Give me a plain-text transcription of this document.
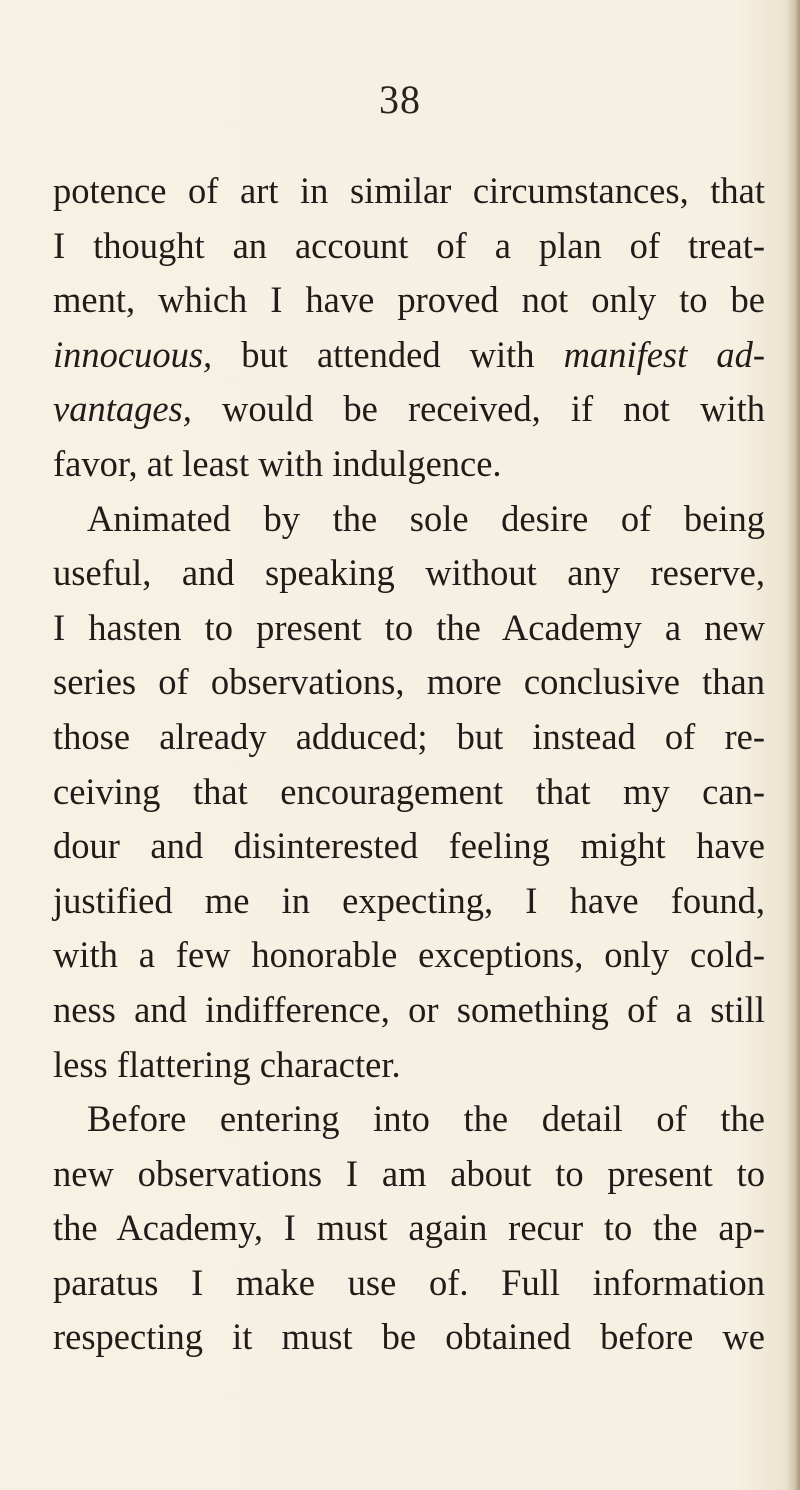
38
potence of art in similar circumstances, that
I thought an account of a plan of treat-
ment, which I have proved not only to be
innocuous, but attended with manifest ad-
vantages, would be received, if not with
favor, at least with indulgence.
Animated by the sole desire of being
useful, and speaking without any reserve,
I hasten to present to the Academy a new
series of observations, more conclusive than
those already adduced; but instead of re-
ceiving that encouragement that my can-
dour and disinterested feeling might have
justified me in expecting, I have found,
with a few honorable exceptions, only cold-
ness and indifference, or something of a still
less flattering character.
Before entering into the detail of the
new observations I am about to present to
the Academy, I must again recur to the ap-
paratus I make use of. Full information
respecting it must be obtained before we
